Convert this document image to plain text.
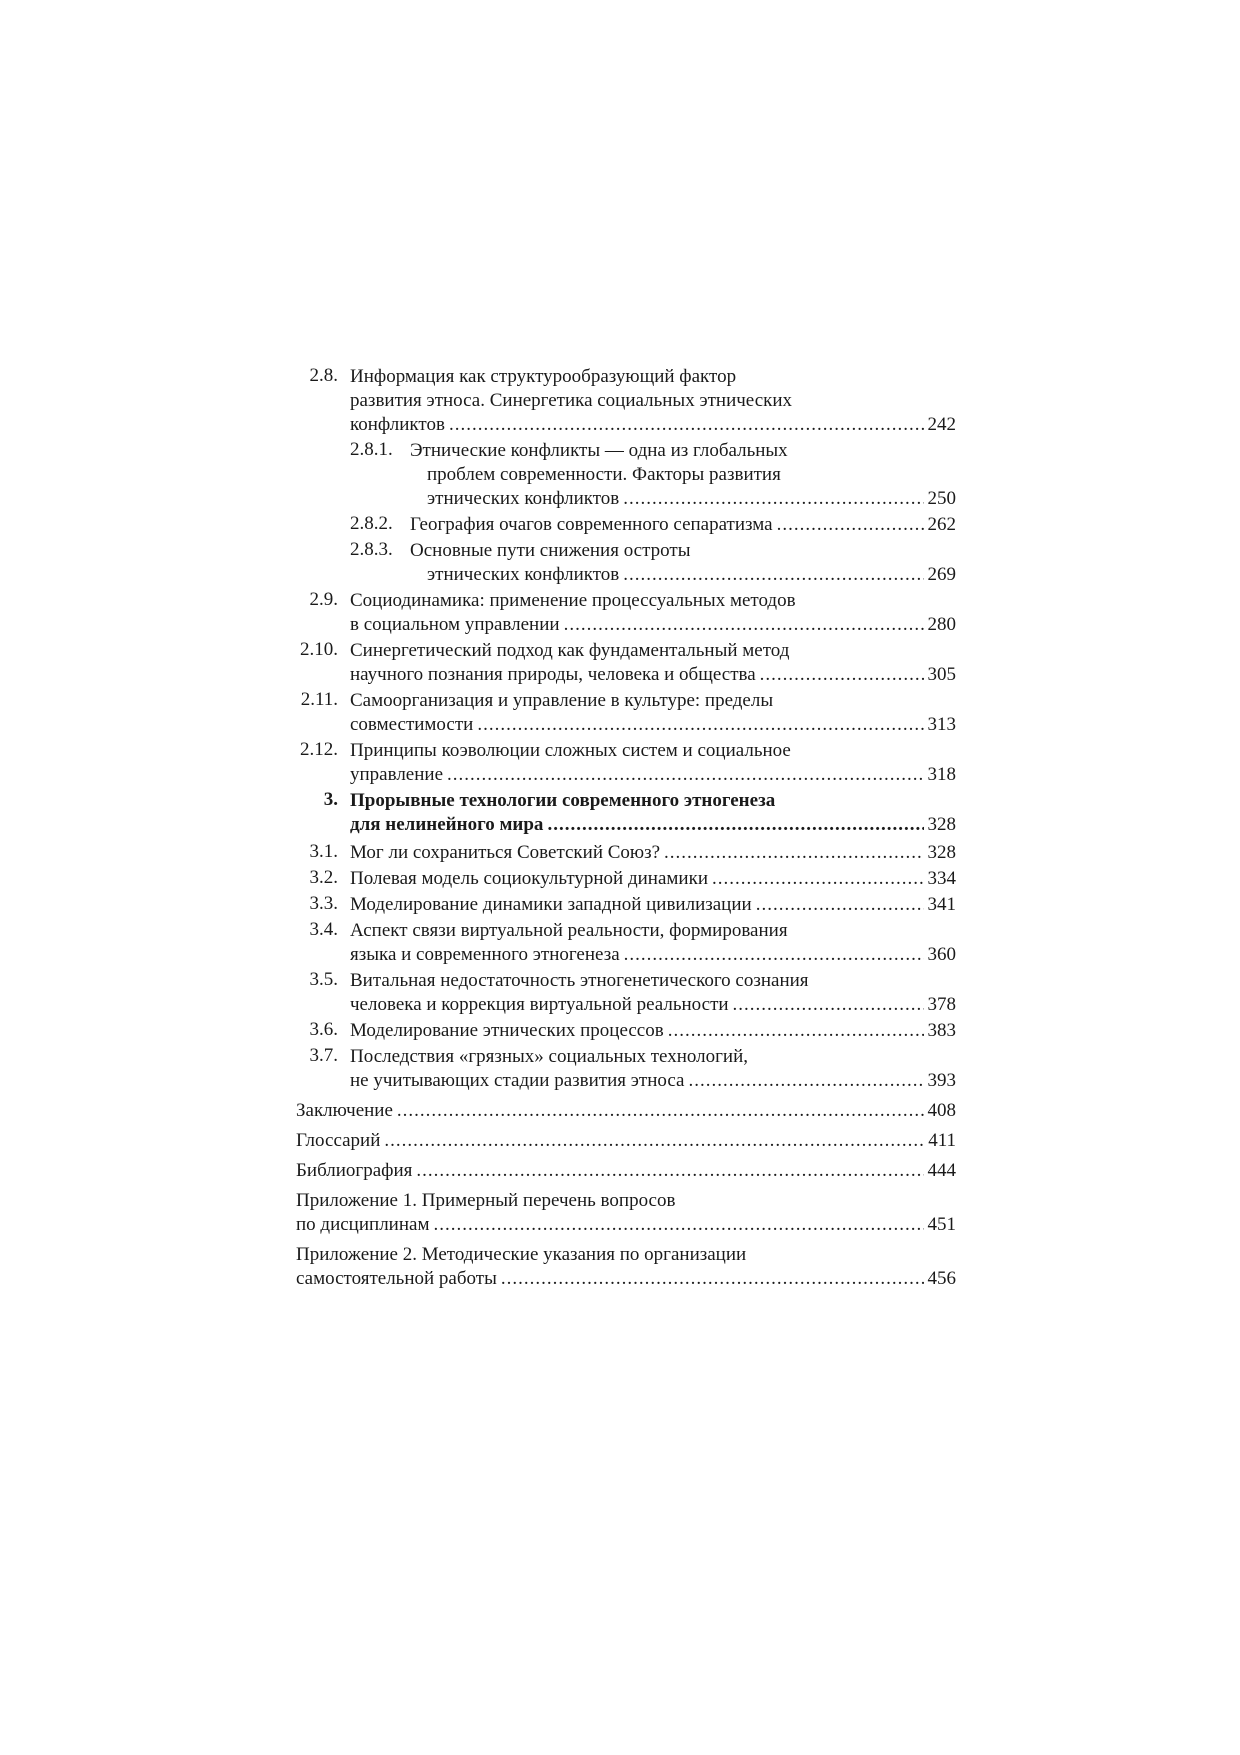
2.8. Информация как структурообразующий фактор
развития этноса. Синергетика социальных этнических
конфликтов .....	242
2.8.1. Этнические конфликты — одна из глобальных
проблем современности. Факторы развития
этнических конфликтов .....	250
2.8.2. География очагов современного сепаратизма .....	262
2.8.3. Основные пути снижения остроты
этнических конфликтов .....	269
2.9. Социодинамика: применение процессуальных методов
в социальном управлении .....	280
2.10. Синергетический подход как фундаментальный метод
научного познания природы, человека и общества .....	305
2.11. Самоорганизация и управление в культуре: пределы
совместимости .....	313
2.12. Принципы коэволюции сложных систем и социальное
управление .....	318
3. Прорывные технологии современного этногенеза
для нелинейного мира .....	328
3.1. Мог ли сохраниться Советский Союз? .....	328
3.2. Полевая модель социокультурной динамики .....	334
3.3. Моделирование динамики западной цивилизации .....	341
3.4. Аспект связи виртуальной реальности, формирования
языка и современного этногенеза .....	360
3.5. Витальная недостаточность этногенетического сознания
человека и коррекция виртуальной реальности .....	378
3.6. Моделирование этнических процессов .....	383
3.7. Последствия «грязных» социальных технологий,
не учитывающих стадии развития этноса .....	393
Заключение .....	408
Глоссарий .....	411
Библиография .....	444
Приложение 1. Примерный перечень вопросов
по дисциплинам .....	451
Приложение 2. Методические указания по организации
самостоятельной работы .....	456
